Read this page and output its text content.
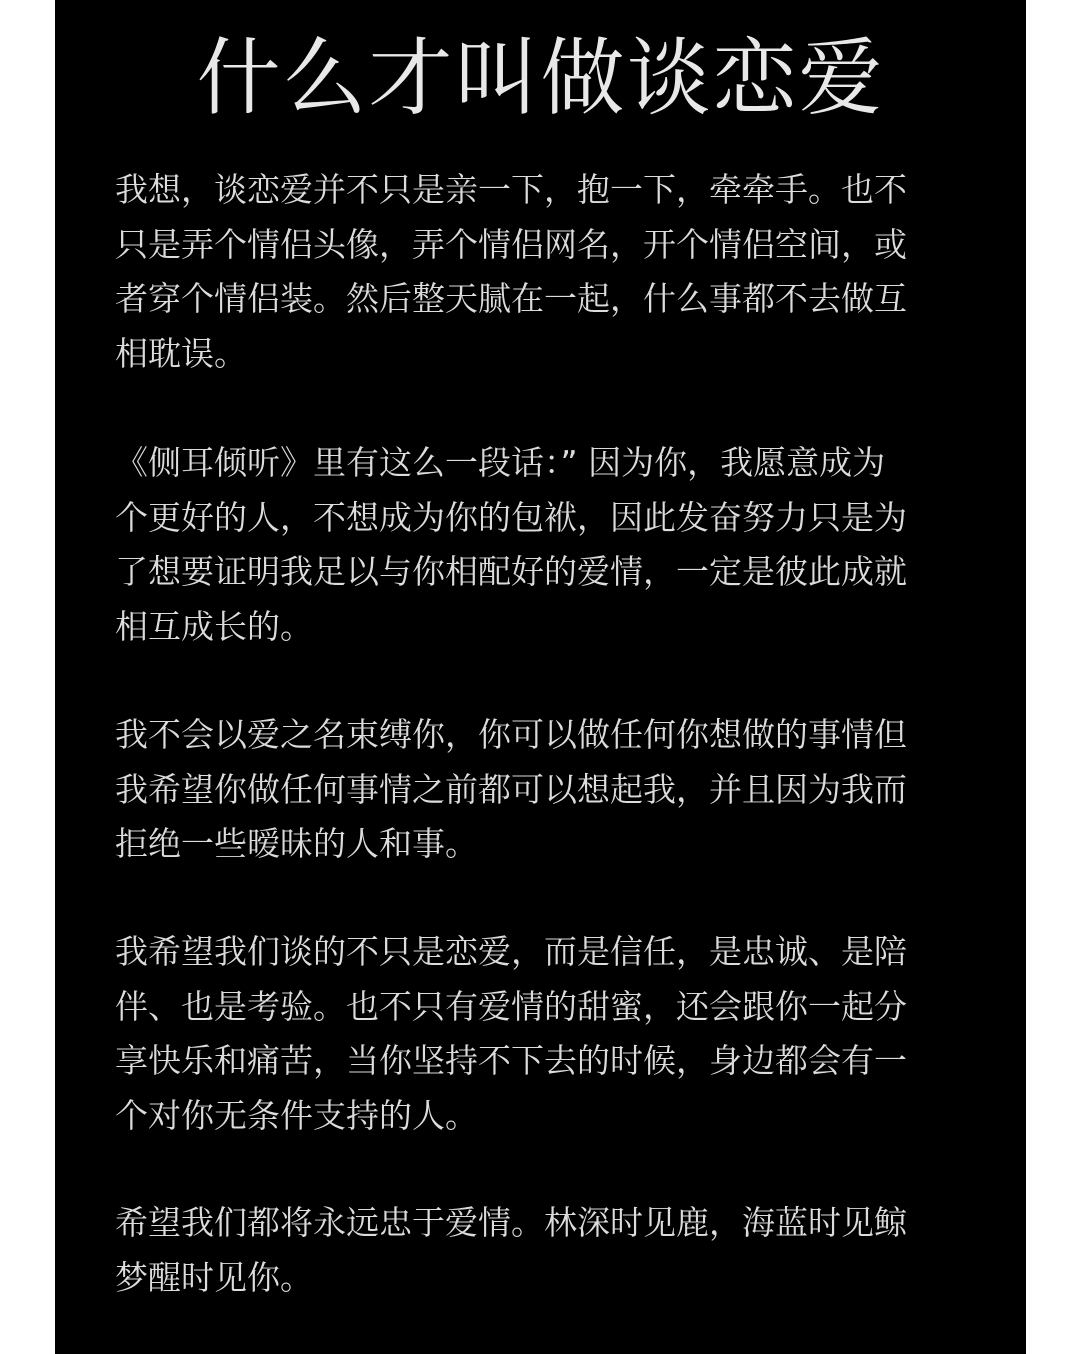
什么才叫做谈恋爱

我想，谈恋爱并不只是亲一下，抱一下，牵牵手。也不
只是弄个情侣头像，弄个情侣网名，开个情侣空间，或
者穿个情侣装。然后整天腻在一起，什么事都不去做互
相耽误。

《侧耳倾听》里有这么一段话：” 因为你，我愿意成为
个更好的人，不想成为你的包袱，因此发奋努力只是为
了想要证明我足以与你相配好的爱情，一定是彼此成就
相互成长的。

我不会以爱之名束缚你，你可以做任何你想做的事情但
我希望你做任何事情之前都可以想起我，并且因为我而
拒绝一些暧昧的人和事。

我希望我们谈的不只是恋爱，而是信任，是忠诚、是陪
伴、也是考验。也不只有爱情的甜蜜，还会跟你一起分
享快乐和痛苦，当你坚持不下去的时候，身边都会有一
个对你无条件支持的人。

希望我们都将永远忠于爱情。林深时见鹿，海蓝时见鲸
梦醒时见你。
